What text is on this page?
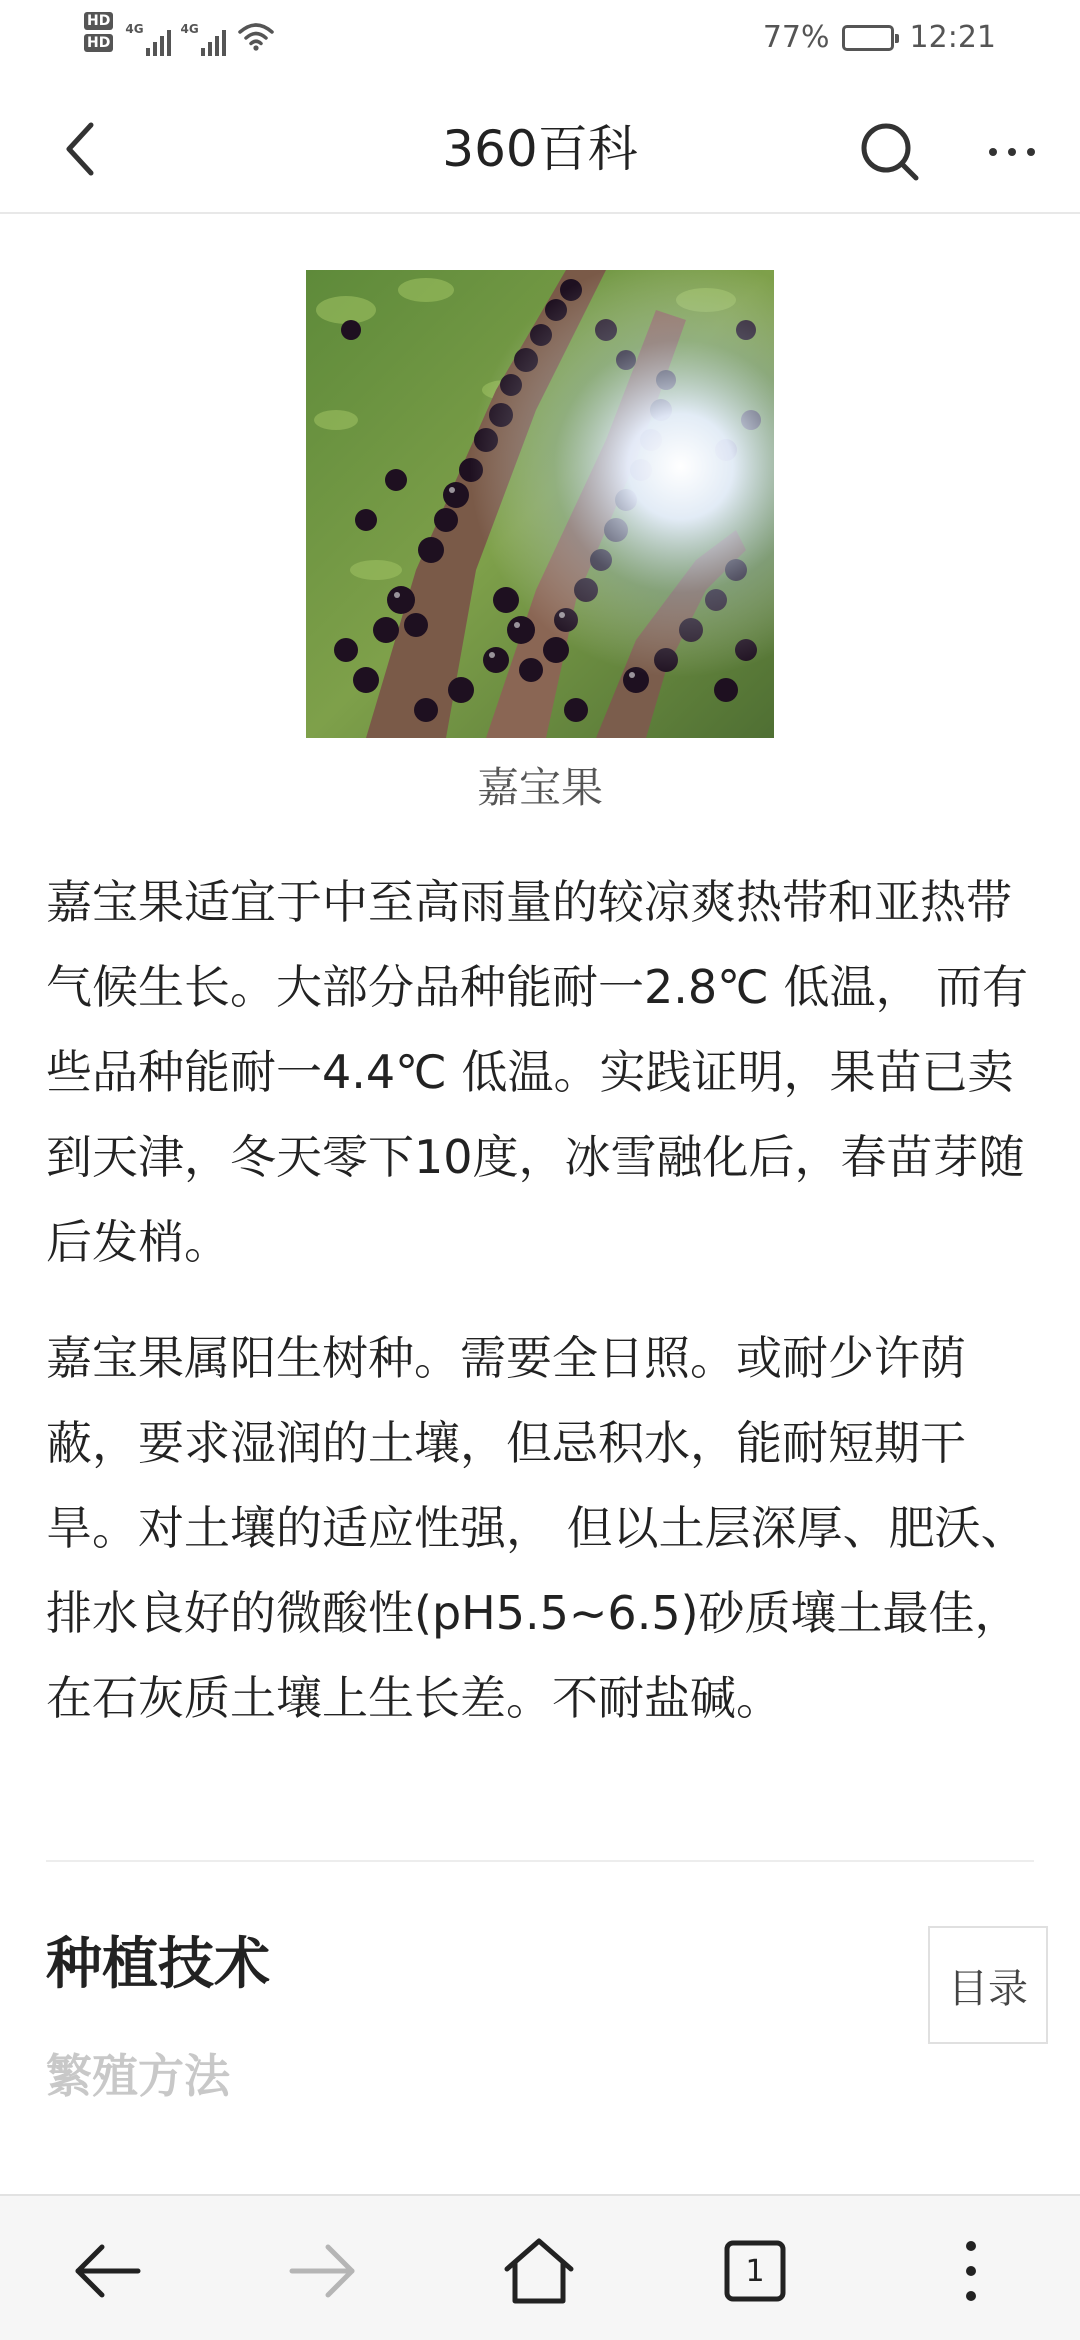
HD
HD
4G	4G	77%	12:21
360百科
嘉宝果
嘉宝果适宜于中至高雨量的较凉爽热带和亚热带气候生长。大部分品种能耐一2.8℃ 低温， 而有些品种能耐一4.4℃ 低温。实践证明，果苗已卖到天津，冬天零下10度，冰雪融化后，春苗芽随后发梢。
嘉宝果属阳生树种。需要全日照。或耐少许荫蔽，要求湿润的土壤，但忌积水，能耐短期干旱。对土壤的适应性强， 但以土层深厚、肥沃、排水良好的微酸性(pH5.5~6.5)砂质壤土最佳， 在石灰质土壤上生长差。不耐盐碱。
种植技术
繁殖方法
目录
1
